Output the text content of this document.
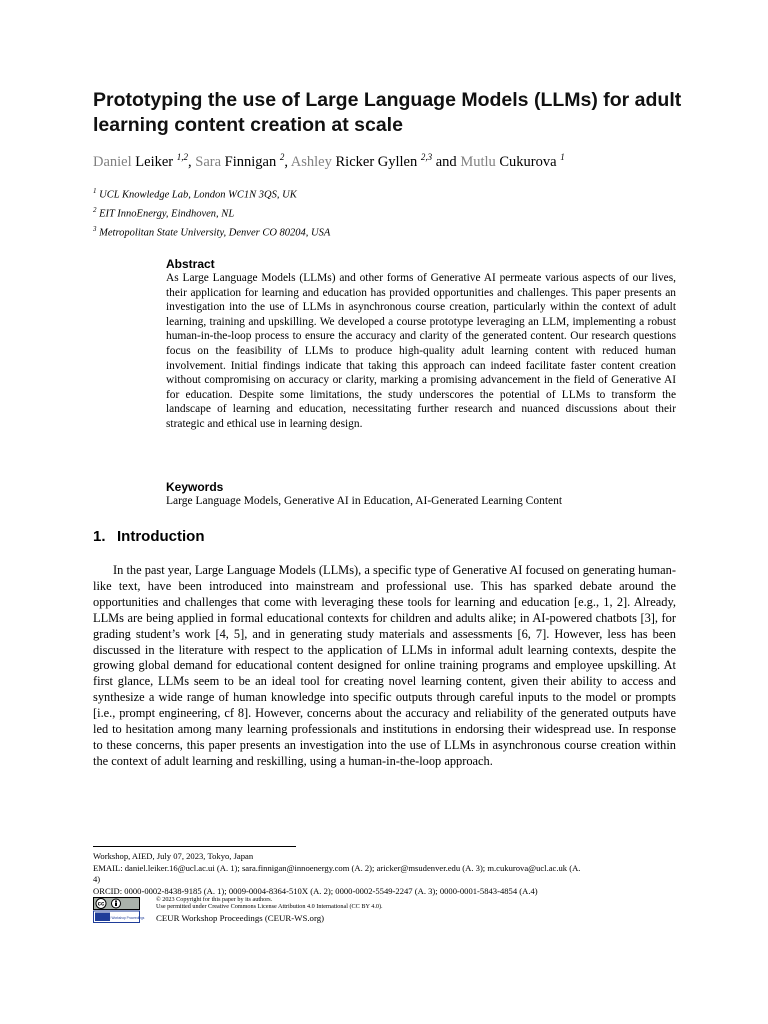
Prototyping the use of Large Language Models (LLMs) for adult learning content creation at scale
Daniel Leiker $^{1,2}$, Sara Finnigan $^2$, Ashley Ricker Gyllen $^{2,3}$ and Mutlu Cukurova $^1$
$^1$ UCL Knowledge Lab, London WC1N 3QS, UK
$^2$ EIT InnoEnergy, Eindhoven, NL
$^3$ Metropolitan State University, Denver CO 80204, USA
Abstract

As Large Language Models (LLMs) and other forms of Generative AI permeate various aspects of our lives, their application for learning and education has provided opportunities and challenges. This paper presents an investigation into the use of LLMs in asynchronous course creation, particularly within the context of adult learning, training and upskilling. We developed a course prototype leveraging an LLM, implementing a robust human-in-the-loop process to ensure the accuracy and clarity of the generated content. Our research questions focus on the feasibility of LLMs to produce high-quality adult learning content with reduced human involvement. Initial findings indicate that taking this approach can indeed facilitate faster content creation without compromising on accuracy or clarity, marking a promising advancement in the field of Generative AI for education. Despite some limitations, the study underscores the potential of LLMs to transform the landscape of learning and education, necessitating further research and nuanced discussions about their strategic and ethical use in learning design.

Keywords

Large Language Models, Generative AI in Education, AI-Generated Learning Content

1. Introduction

In the past year, Large Language Models (LLMs), a specific type of Generative AI focused on generating human-like text, have been introduced into mainstream and professional use. This has sparked debate around the opportunities and challenges that come with leveraging these tools for learning and education [e.g., 1, 2]. Already, LLMs are being applied in formal educational contexts for children and adults alike; in AI-powered chatbots [3], for grading student’s work [4, 5], and in generating study materials and assessments [6, 7]. However, less has been discussed in the literature with respect to the application of LLMs in informal adult learning contexts, despite the growing global demand for educational content designed for online training programs and employee upskilling. At first glance, LLMs seem to be an ideal tool for creating novel learning content, given their ability to access and synthesize a wide range of human knowledge into specific outputs through careful inputs to the model or prompts [i.e., prompt engineering, cf 8]. However, concerns about the accuracy and reliability of the generated outputs have led to hesitation among many learning professionals and institutions in endorsing their widespread use. In response to these concerns, this paper presents an investigation into the use of LLMs in asynchronous course creation within the context of adult learning and reskilling, using a human-in-the-loop approach.

Workshop, AIED, July 07, 2023, Tokyo, Japan
EMAIL: daniel.leiker.16@ucl.ac.ui (A. 1); sara.finnigan@innoenergy.com (A. 2); aricker@msudenver.edu (A. 3); m.cukurova@ucl.ac.uk (A.
4)
ORCID: 0000-0002-8438-9185 (A. 1); 0009-0004-8364-510X (A. 2); 0000-0002-5549-2247 (A. 3); 0000-0001-5843-4854 (A.4)
cc
CEUR Workshop Proceedings
© 2023 Copyright for this paper by its authors.
Use permitted under Creative Commons License Attribution 4.0 International (CC BY 4.0).
CEUR Workshop Proceedings (CEUR-WS.org)
